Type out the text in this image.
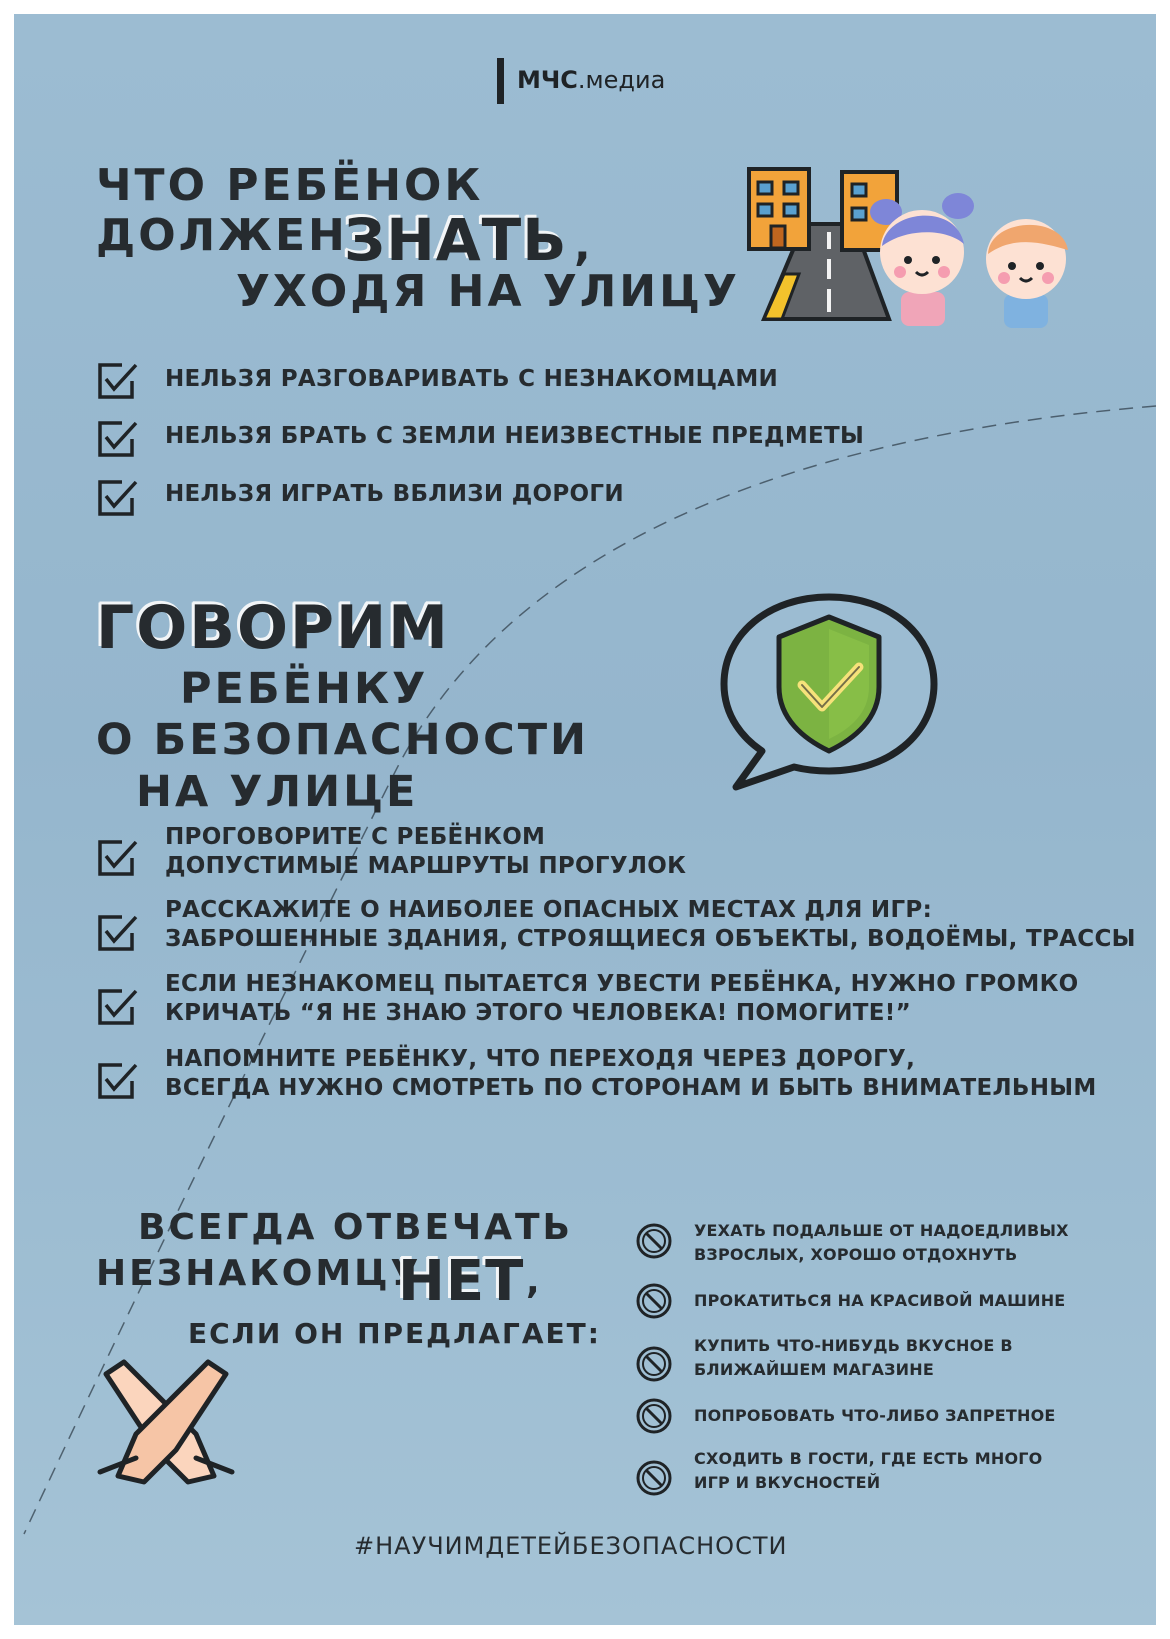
МЧС.медиа
ЧТО РЕБЁНОК
ДОЛЖЕН
ЗНАТЬ ,
УХОДЯ НА УЛИЦУ
НЕЛЬЗЯ РАЗГОВАРИВАТЬ С НЕЗНАКОМЦАМИ
НЕЛЬЗЯ БРАТЬ С ЗЕМЛИ НЕИЗВЕСТНЫЕ ПРЕДМЕТЫ
НЕЛЬЗЯ ИГРАТЬ ВБЛИЗИ ДОРОГИ
ГОВОРИМ
РЕБЁНКУ
О БЕЗОПАСНОСТИ
НА УЛИЦЕ
ПРОГОВОРИТЕ С РЕБЁНКОМ
ДОПУСТИМЫЕ МАРШРУТЫ ПРОГУЛОК
РАССКАЖИТЕ О НАИБОЛЕЕ ОПАСНЫХ МЕСТАХ ДЛЯ ИГР:
ЗАБРОШЕННЫЕ ЗДАНИЯ, СТРОЯЩИЕСЯ ОБЪЕКТЫ, ВОДОЁМЫ, ТРАССЫ
ЕСЛИ НЕЗНАКОМЕЦ ПЫТАЕТСЯ УВЕСТИ РЕБЁНКА, НУЖНО ГРОМКО
КРИЧАТЬ “Я НЕ ЗНАЮ ЭТОГО ЧЕЛОВЕКА! ПОМОГИТЕ!”
НАПОМНИТЕ РЕБЁНКУ, ЧТО ПЕРЕХОДЯ ЧЕРЕЗ ДОРОГУ,
ВСЕГДА НУЖНО СМОТРЕТЬ ПО СТОРОНАМ И БЫТЬ ВНИМАТЕЛЬНЫМ
ВСЕГДА ОТВЕЧАТЬ
НЕЗНАКОМЦУ
НЕТ ,
ЕСЛИ ОН ПРЕДЛАГАЕТ:
УЕХАТЬ ПОДАЛЬШЕ ОТ НАДОЕДЛИВЫХ
ВЗРОСЛЫХ, ХОРОШО ОТДОХНУТЬ
ПРОКАТИТЬСЯ НА КРАСИВОЙ МАШИНЕ
КУПИТЬ ЧТО-НИБУДЬ ВКУСНОЕ В
БЛИЖАЙШЕМ МАГАЗИНЕ
ПОПРОБОВАТЬ ЧТО-ЛИБО ЗАПРЕТНОЕ
СХОДИТЬ В ГОСТИ, ГДЕ ЕСТЬ МНОГО
ИГР И ВКУСНОСТЕЙ
#НАУЧИМДЕТЕЙБЕЗОПАСНОСТИ
